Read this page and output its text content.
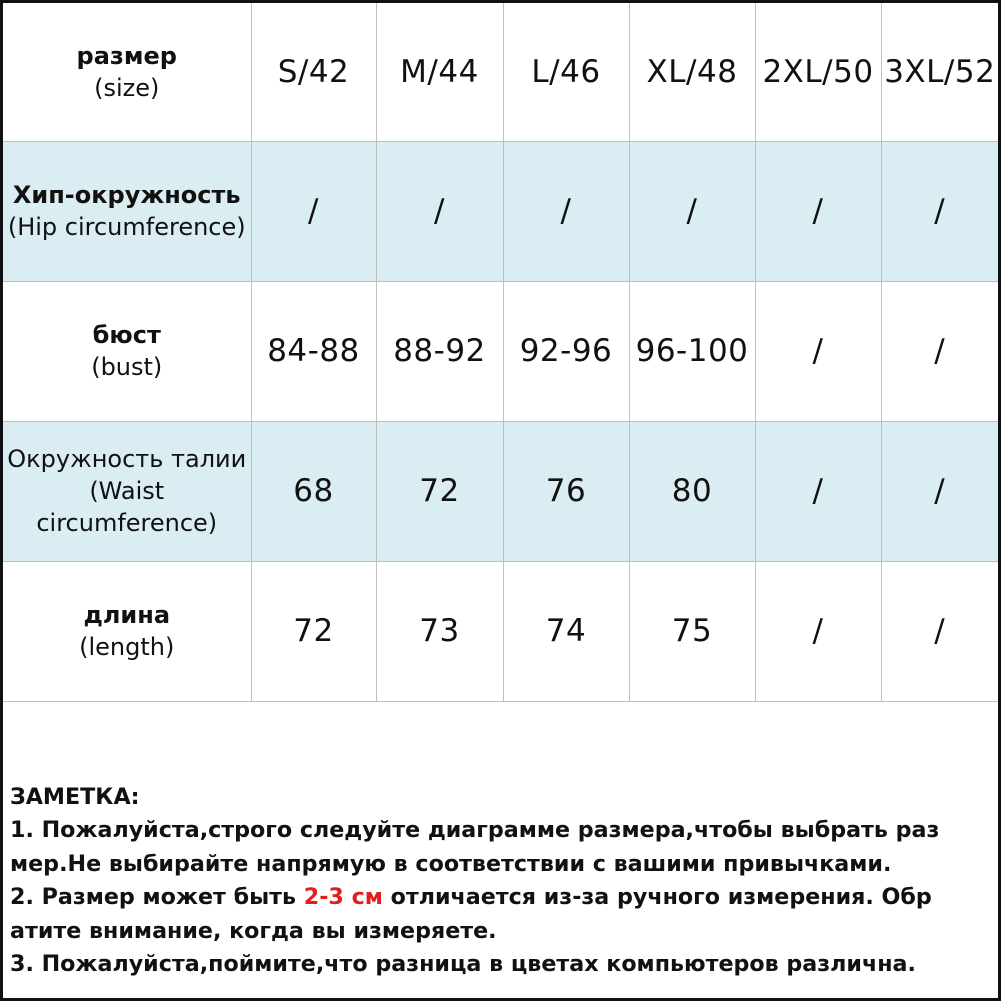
размер
(size)	S/42	M/44	L/46	XL/48	2XL/50	3XL/52

Хип-окружность
(Hip circumference)	/	/	/	/	/	/

бюст
(bust)	84-88	88-92	92-96	96-100	/	/

Окружность талии
(Waist
circumference)	68	72	76	80	/	/

длина
(length)	72	73	74	75	/	/
ЗАМЕТКА:
1. Пожалуйста,строго следуйте диаграмме размера,чтобы выбрать раз
мер.Не выбирайте напрямую в соответствии с вашими привычками.
2. Размер может быть 2-3 см отличается из-за ручного измерения. Обр
атите внимание, когда вы измеряете.
3. Пожалуйста,поймите,что разница в цветах компьютеров различна.
